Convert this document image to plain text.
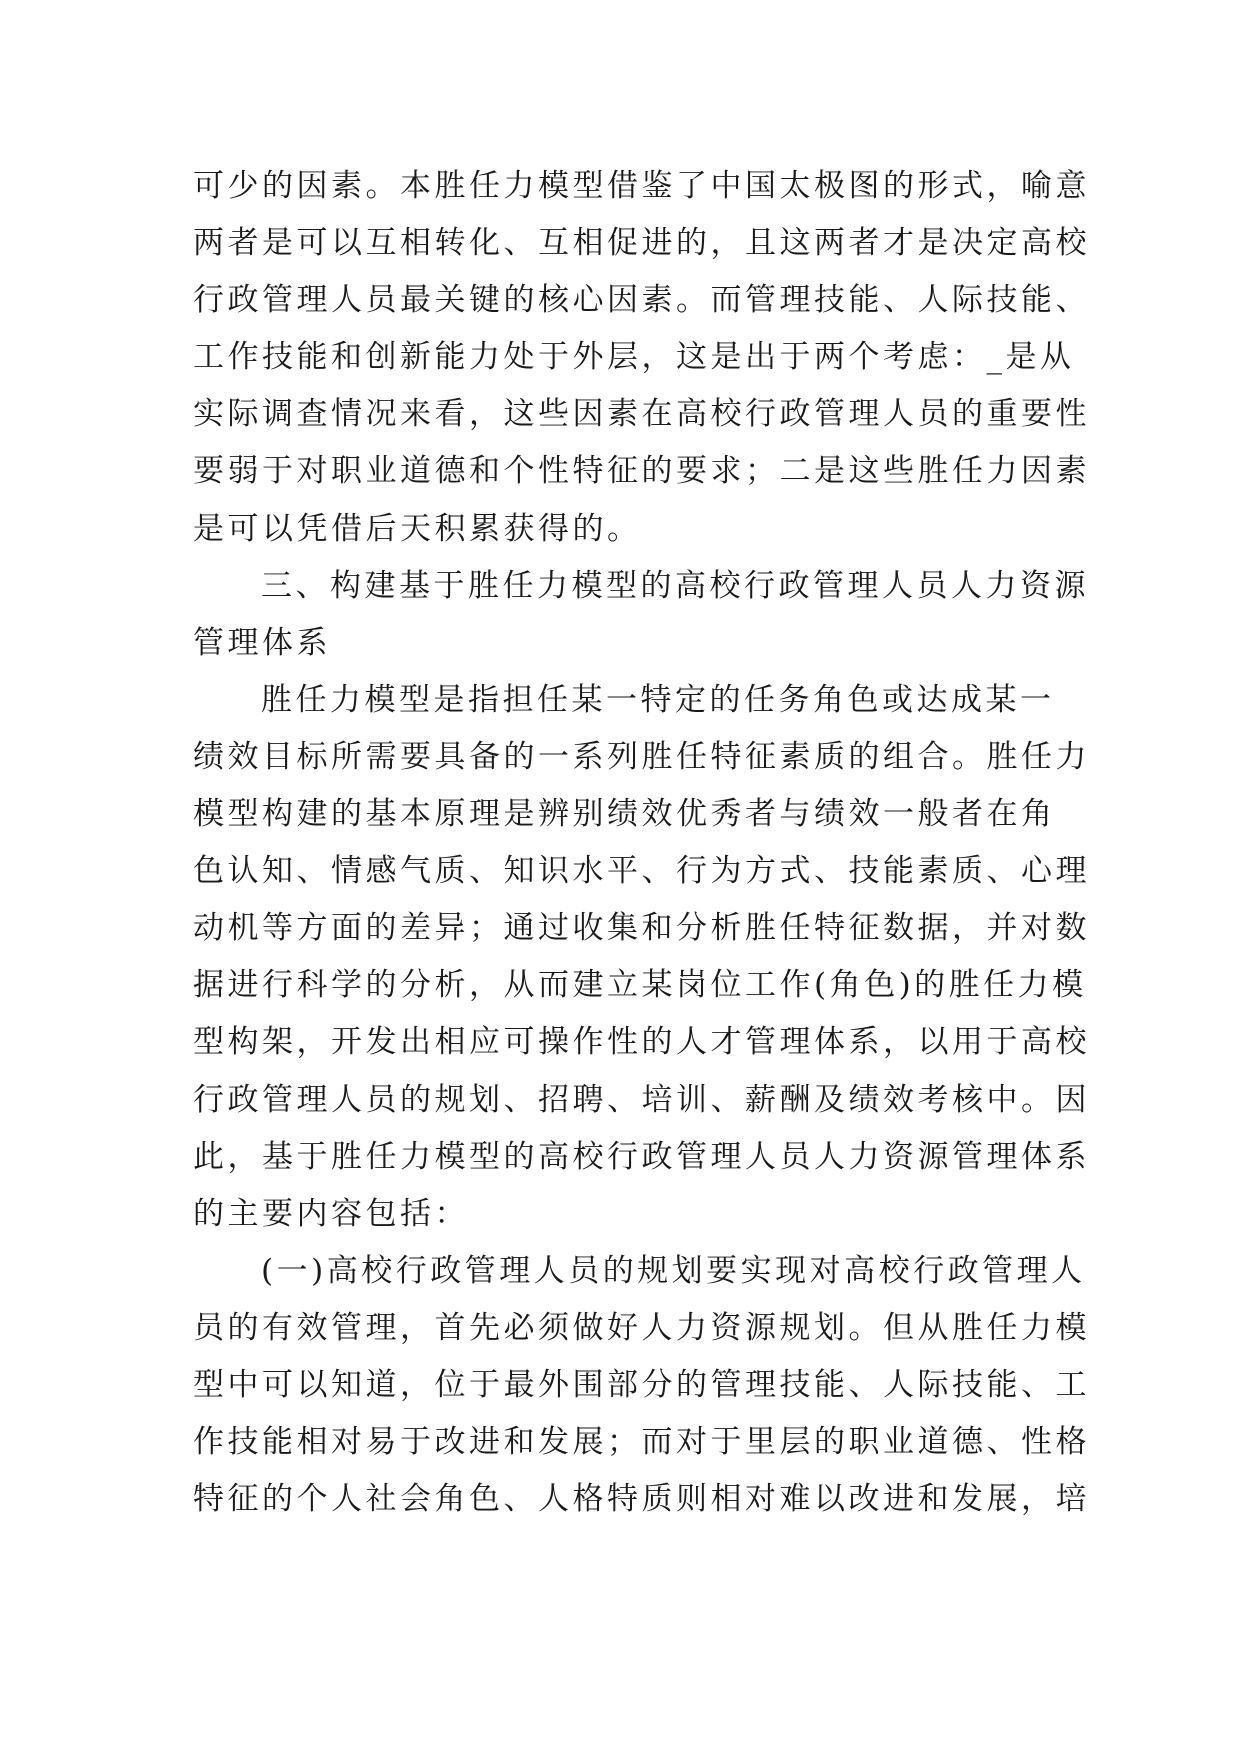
可少的因素。本胜任力模型借鉴了中国太极图的形式，喻意
两者是可以互相转化、互相促进的，且这两者才是决定高校
行政管理人员最关键的核心因素。而管理技能、人际技能、
工作技能和创新能力处于外层，这是出于两个考虑：_是从
实际调查情况来看，这些因素在高校行政管理人员的重要性
要弱于对职业道德和个性特征的要求；二是这些胜任力因素
是可以凭借后天积累获得的。
三、构建基于胜任力模型的高校行政管理人员人力资源
管理体系
胜任力模型是指担任某一特定的任务角色或达成某一
绩效目标所需要具备的一系列胜任特征素质的组合。胜任力
模型构建的基本原理是辨别绩效优秀者与绩效一般者在角
色认知、情感气质、知识水平、行为方式、技能素质、心理
动机等方面的差异；通过收集和分析胜任特征数据，并对数
据进行科学的分析，从而建立某岗位工作(角色)的胜任力模
型构架，开发出相应可操作性的人才管理体系，以用于高校
行政管理人员的规划、招聘、培训、薪酬及绩效考核中。因
此，基于胜任力模型的高校行政管理人员人力资源管理体系
的主要内容包括：
(一)高校行政管理人员的规划要实现对高校行政管理人
员的有效管理，首先必须做好人力资源规划。但从胜任力模
型中可以知道，位于最外围部分的管理技能、人际技能、工
作技能相对易于改进和发展；而对于里层的职业道德、性格
特征的个人社会角色、人格特质则相对难以改进和发展，培
